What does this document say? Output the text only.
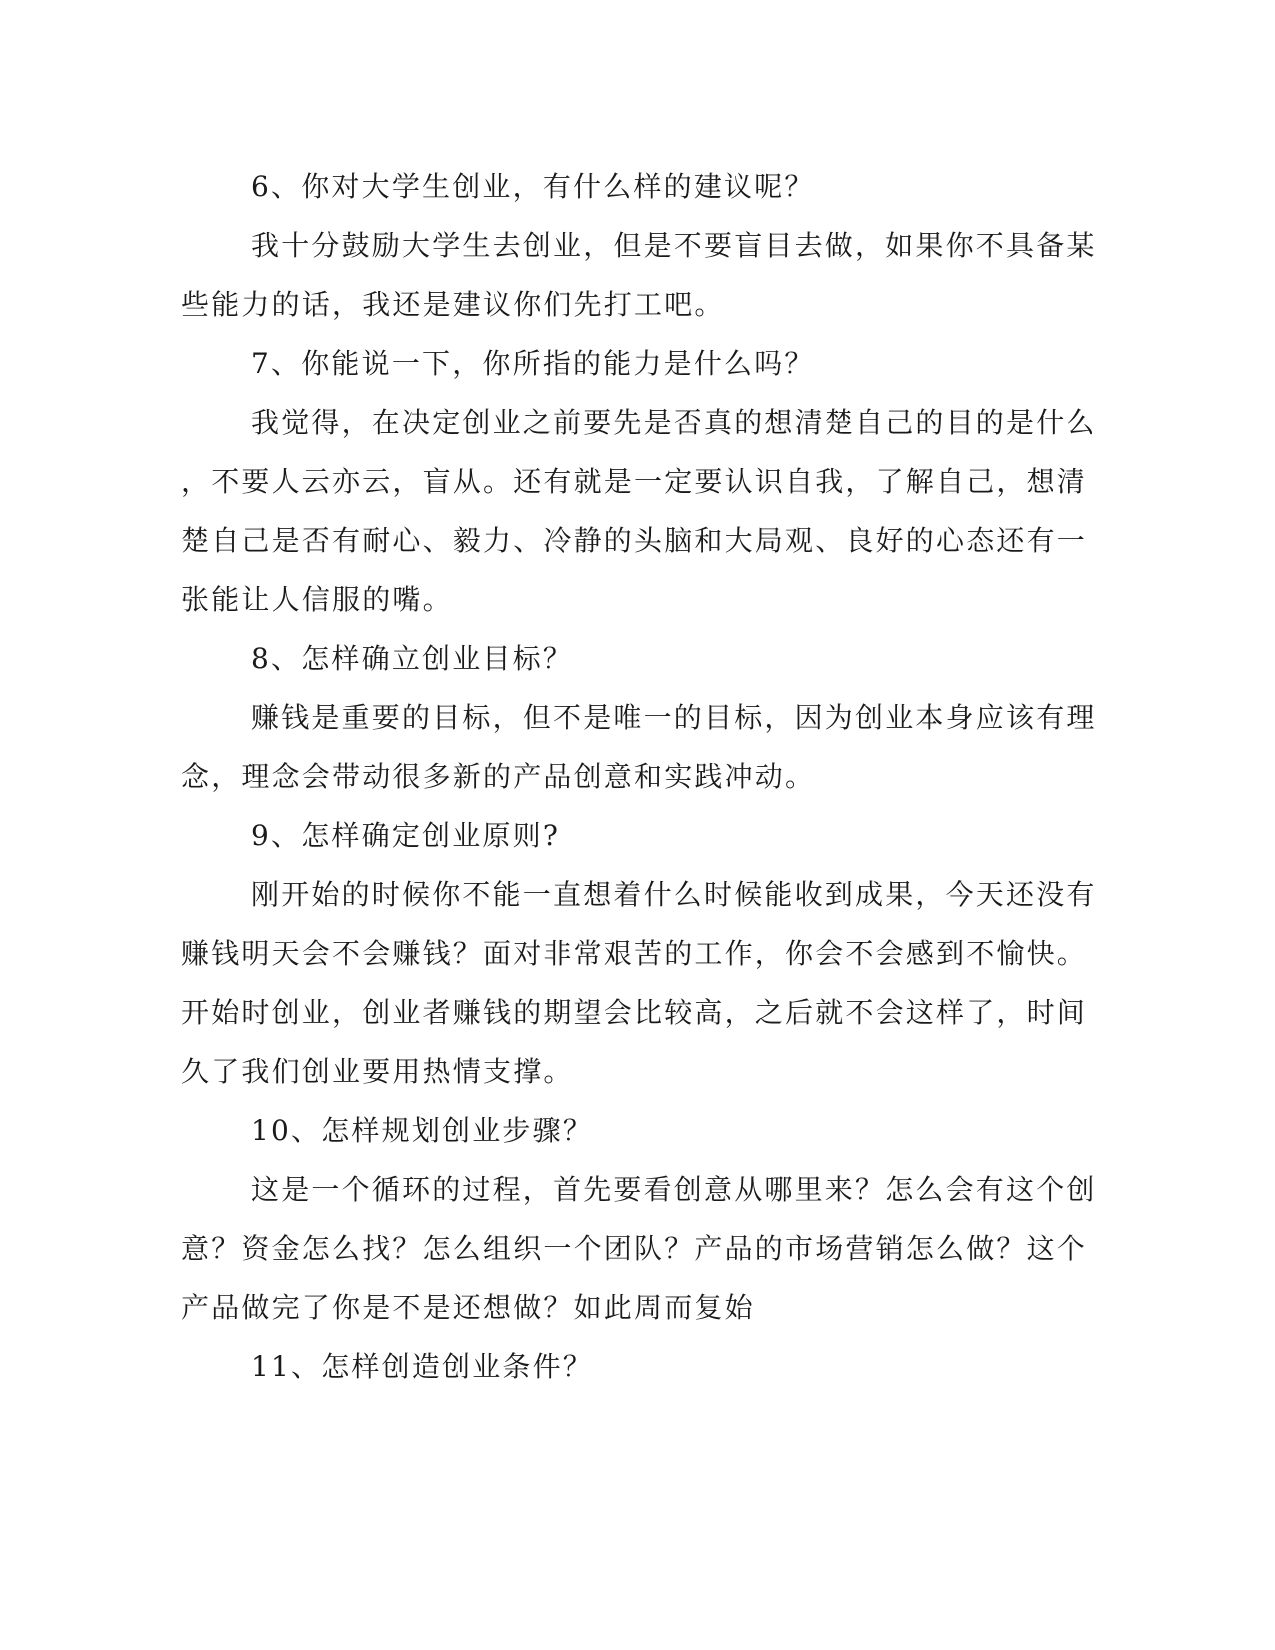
6、你对大学生创业，有什么样的建议呢？
我十分鼓励大学生去创业，但是不要盲目去做，如果你不具备某
些能力的话，我还是建议你们先打工吧。
7、你能说一下，你所指的能力是什么吗？
我觉得，在决定创业之前要先是否真的想清楚自己的目的是什么
，不要人云亦云，盲从。还有就是一定要认识自我，了解自己，想清
楚自己是否有耐心、毅力、冷静的头脑和大局观、良好的心态还有一
张能让人信服的嘴。
8、怎样确立创业目标？
赚钱是重要的目标，但不是唯一的目标，因为创业本身应该有理
念，理念会带动很多新的产品创意和实践冲动。
9、怎样确定创业原则?
刚开始的时候你不能一直想着什么时候能收到成果，今天还没有
赚钱明天会不会赚钱？面对非常艰苦的工作，你会不会感到不愉快。
开始时创业，创业者赚钱的期望会比较高，之后就不会这样了，时间
久了我们创业要用热情支撑。
10、怎样规划创业步骤？
这是一个循环的过程，首先要看创意从哪里来？怎么会有这个创
意？资金怎么找？怎么组织一个团队？产品的市场营销怎么做？这个
产品做完了你是不是还想做？如此周而复始
11、怎样创造创业条件？
